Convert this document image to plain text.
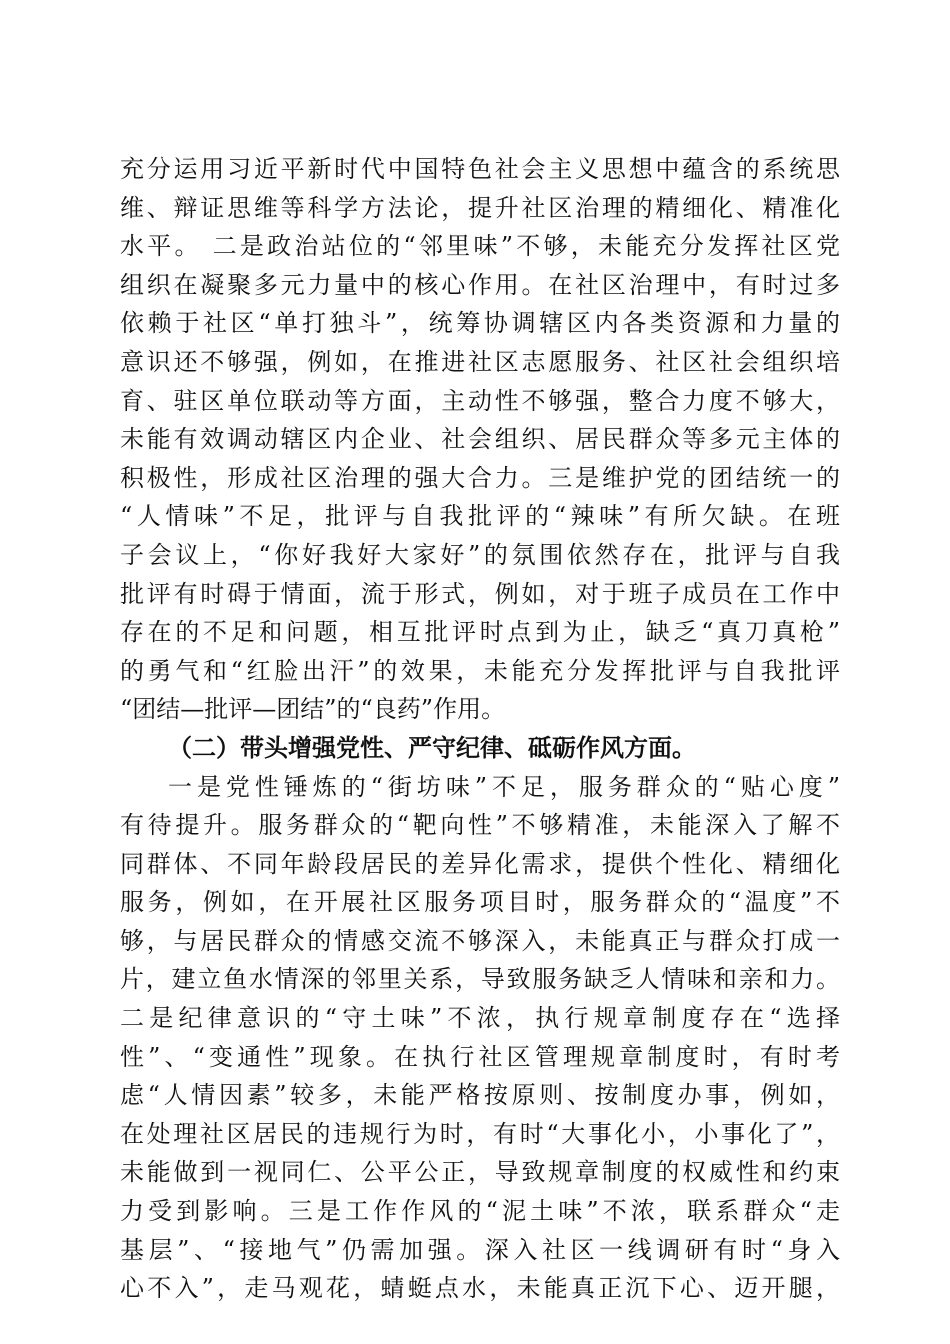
充分运用习近平新时代中国特色社会主义思想中蕴含的系统思
维、辩证思维等科学方法论，提升社区治理的精细化、精准化
水平。 二是政治站位的“邻里味”不够，未能充分发挥社区党
组织在凝聚多元力量中的核心作用。在社区治理中，有时过多
依赖于社区“单打独斗”，统筹协调辖区内各类资源和力量的
意识还不够强，例如，在推进社区志愿服务、社区社会组织培
育、驻区单位联动等方面，主动性不够强，整合力度不够大，
未能有效调动辖区内企业、社会组织、居民群众等多元主体的
积极性，形成社区治理的强大合力。三是维护党的团结统一的
“人情味”不足，批评与自我批评的“辣味”有所欠缺。在班
子会议上，“你好我好大家好”的氛围依然存在，批评与自我
批评有时碍于情面，流于形式，例如，对于班子成员在工作中
存在的不足和问题，相互批评时点到为止，缺乏“真刀真枪”
的勇气和“红脸出汗”的效果，未能充分发挥批评与自我批评
“团结—批评—团结”的“良药”作用。
（二）带头增强党性、严守纪律、砥砺作风方面。
一是党性锤炼的“街坊味”不足，服务群众的“贴心度”
有待提升。服务群众的“靶向性”不够精准，未能深入了解不
同群体、不同年龄段居民的差异化需求，提供个性化、精细化
服务，例如，在开展社区服务项目时，服务群众的“温度”不
够，与居民群众的情感交流不够深入，未能真正与群众打成一
片，建立鱼水情深的邻里关系，导致服务缺乏人情味和亲和力。
二是纪律意识的“守土味”不浓，执行规章制度存在“选择
性”、“变通性”现象。在执行社区管理规章制度时，有时考
虑“人情因素”较多，未能严格按原则、按制度办事，例如，
在处理社区居民的违规行为时，有时“大事化小，小事化了”，
未能做到一视同仁、公平公正，导致规章制度的权威性和约束
力受到影响。三是工作作风的“泥土味”不浓，联系群众“走
基层”、“接地气”仍需加强。深入社区一线调研有时“身入
心不入”，走马观花，蜻蜓点水，未能真正沉下心、迈开腿，
